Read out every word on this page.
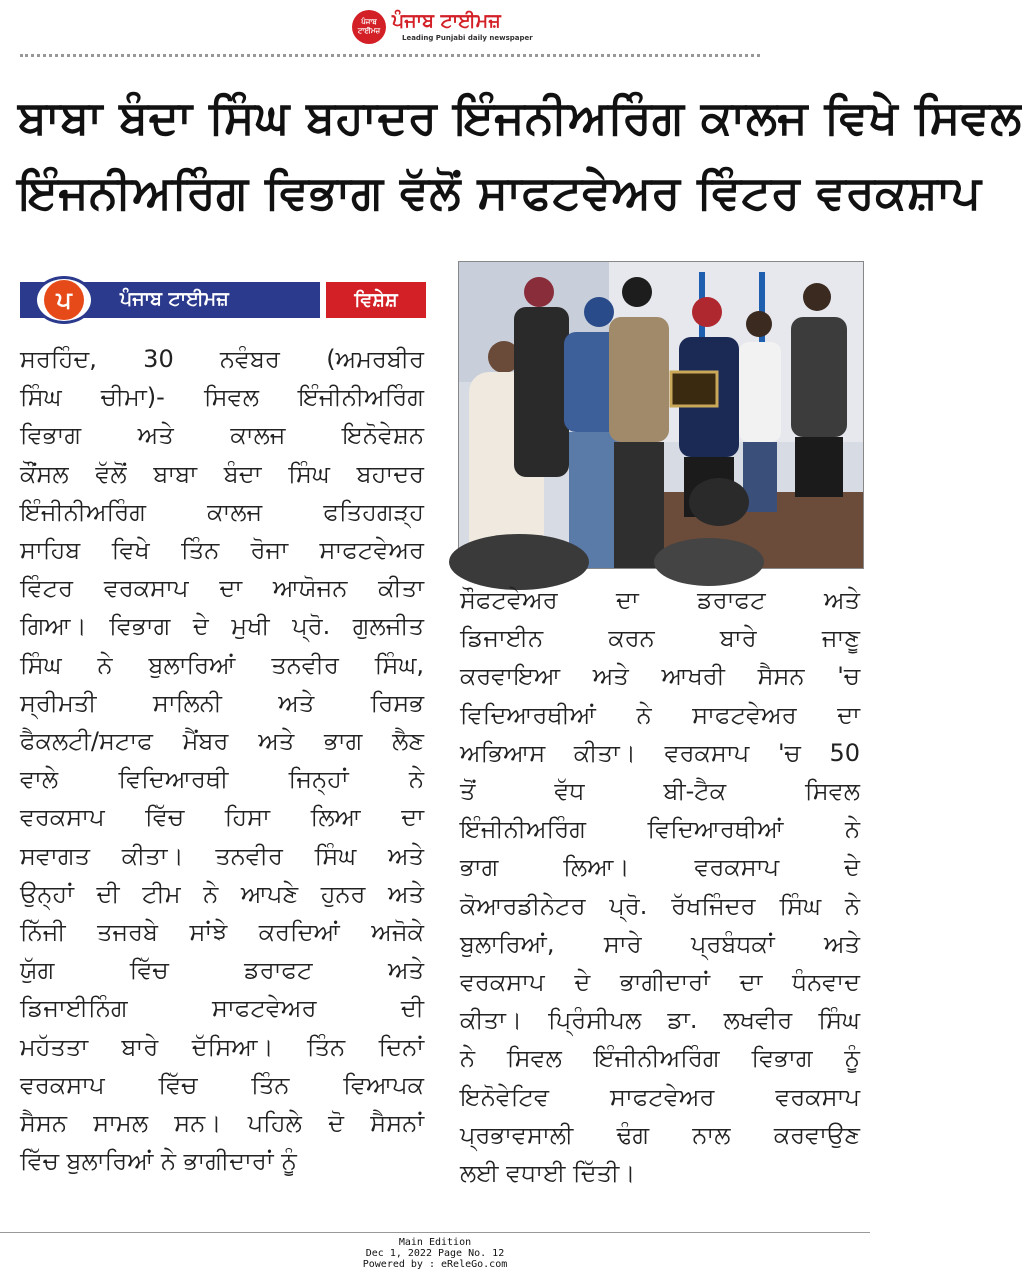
ਪੰਜਾਬ ਟਾਈਮਜ਼ ਪੰਜਾਬ ਟਾਈਮਜ਼
Leading Punjabi daily newspaper
ਬਾਬਾ ਬੰਦਾ ਸਿੰਘ ਬਹਾਦਰ ਇੰਜਨੀਅਰਿੰਗ ਕਾਲਜ ਵਿਖੇ ਸਿਵਲ
ਇੰਜਨੀਅਰਿੰਗ ਵਿਭਾਗ ਵੱਲੋਂ ਸਾਫਟਵੇਅਰ ਵਿੰਟਰ ਵਰਕਸ਼ਾਪ
ਪ	ਪੰਜਾਬ ਟਾਈਮਜ਼	ਵਿਸ਼ੇਸ਼
ਸਰਹਿੰਦ, 30 ਨਵੰਬਰ (ਅਮਰਬੀਰ
ਸਿੰਘ ਚੀਮਾ)- ਸਿਵਲ ਇੰਜੀਨੀਅਰਿੰਗ
ਵਿਭਾਗ ਅਤੇ ਕਾਲਜ ਇਨੋਵੇਸ਼ਨ
ਕੌਂਸਲ ਵੱਲੋਂ ਬਾਬਾ ਬੰਦਾ ਸਿੰਘ ਬਹਾਦਰ
ਇੰਜੀਨੀਅਰਿੰਗ ਕਾਲਜ ਫਤਿਹਗੜ੍ਹ
ਸਾਹਿਬ ਵਿਖੇ ਤਿੰਨ ਰੋਜਾ ਸਾਫਟਵੇਅਰ
ਵਿੰਟਰ ਵਰਕਸਾਪ ਦਾ ਆਯੋਜਨ ਕੀਤਾ
ਗਿਆ। ਵਿਭਾਗ ਦੇ ਮੁਖੀ ਪ੍ਰੋ. ਗੁਲਜੀਤ
ਸਿੰਘ ਨੇ ਬੁਲਾਰਿਆਂ ਤਨਵੀਰ ਸਿੰਘ,
ਸ੍ਰੀਮਤੀ ਸਾਲਿਨੀ ਅਤੇ ਰਿਸਭ
ਫੈਕਲਟੀ/ਸਟਾਫ ਮੈਂਬਰ ਅਤੇ ਭਾਗ ਲੈਣ
ਵਾਲੇ ਵਿਦਿਆਰਥੀ ਜਿਨ੍ਹਾਂ ਨੇ
ਵਰਕਸਾਪ ਵਿੱਚ ਹਿਸਾ ਲਿਆ ਦਾ
ਸਵਾਗਤ ਕੀਤਾ। ਤਨਵੀਰ ਸਿੰਘ ਅਤੇ
ਉਨ੍ਹਾਂ ਦੀ ਟੀਮ ਨੇ ਆਪਣੇ ਹੁਨਰ ਅਤੇ
ਨਿੱਜੀ ਤਜਰਬੇ ਸਾਂਝੇ ਕਰਦਿਆਂ ਅਜੋਕੇ
ਯੁੱਗ ਵਿੱਚ ਡਰਾਫਟ ਅਤੇ
ਡਿਜਾਈਨਿੰਗ ਸਾਫਟਵੇਅਰ ਦੀ
ਮਹੱਤਤਾ ਬਾਰੇ ਦੱਸਿਆ। ਤਿੰਨ ਦਿਨਾਂ
ਵਰਕਸਾਪ ਵਿੱਚ ਤਿੰਨ ਵਿਆਪਕ
ਸੈਸਨ ਸਾਮਲ ਸਨ। ਪਹਿਲੇ ਦੋ ਸੈਸਨਾਂ
ਵਿੱਚ ਬੁਲਾਰਿਆਂ ਨੇ ਭਾਗੀਦਾਰਾਂ ਨੂੰ
ਸੌਫਟਵੇਅਰ ਦਾ ਡਰਾਫਟ ਅਤੇ
ਡਿਜਾਈਨ ਕਰਨ ਬਾਰੇ ਜਾਣੂ
ਕਰਵਾਇਆ ਅਤੇ ਆਖਰੀ ਸੈਸਨ 'ਚ
ਵਿਦਿਆਰਥੀਆਂ ਨੇ ਸਾਫਟਵੇਅਰ ਦਾ
ਅਭਿਆਸ ਕੀਤਾ। ਵਰਕਸਾਪ 'ਚ 50
ਤੋਂ ਵੱਧ ਬੀ-ਟੈਕ ਸਿਵਲ
ਇੰਜੀਨੀਅਰਿੰਗ ਵਿਦਿਆਰਥੀਆਂ ਨੇ
ਭਾਗ ਲਿਆ। ਵਰਕਸਾਪ ਦੇ
ਕੋਆਰਡੀਨੇਟਰ ਪ੍ਰੋ. ਰੱਖਜਿੰਦਰ ਸਿੰਘ ਨੇ
ਬੁਲਾਰਿਆਂ, ਸਾਰੇ ਪ੍ਰਬੰਧਕਾਂ ਅਤੇ
ਵਰਕਸਾਪ ਦੇ ਭਾਗੀਦਾਰਾਂ ਦਾ ਧੰਨਵਾਦ
ਕੀਤਾ। ਪ੍ਰਿੰਸੀਪਲ ਡਾ. ਲਖਵੀਰ ਸਿੰਘ
ਨੇ ਸਿਵਲ ਇੰਜੀਨੀਅਰਿੰਗ ਵਿਭਾਗ ਨੂੰ
ਇਨੋਵੇਟਿਵ ਸਾਫਟਵੇਅਰ ਵਰਕਸਾਪ
ਪ੍ਰਭਾਵਸਾਲੀ ਢੰਗ ਨਾਲ ਕਰਵਾਉਣ
ਲਈ ਵਧਾਈ ਦਿੱਤੀ।
Main Edition
Dec 1, 2022 Page No. 12
Powered by : eReleGo.com
